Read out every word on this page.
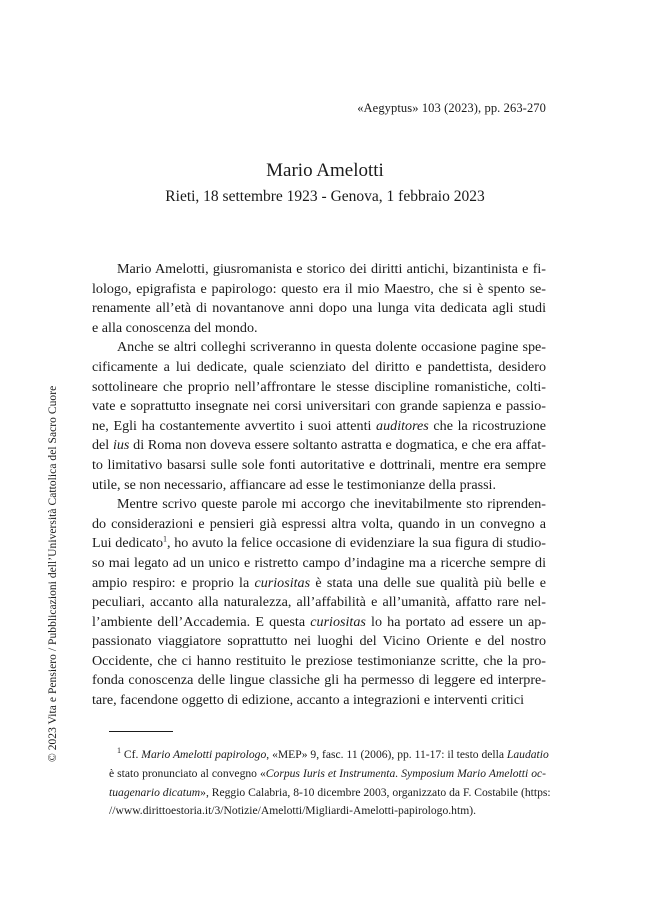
«Aegyptus» 103 (2023), pp. 263-270
Mario Amelotti
Rieti, 18 settembre 1923 - Genova, 1 febbraio 2023
© 2023 Vita e Pensiero / Pubblicazioni dell’Università Cattolica del Sacro Cuore

Mario Amelotti, giusromanista e storico dei diritti antichi, bizantinista e fi-
lologo, epigrafista e papirologo: questo era il mio Maestro, che si è spento se-
renamente all’età di novantanove anni dopo una lunga vita dedicata agli studi
e alla conoscenza del mondo.

Anche se altri colleghi scriveranno in questa dolente occasione pagine spe-
cificamente a lui dedicate, quale scienziato del diritto e pandettista, desidero
sottolineare che proprio nell’affrontare le stesse discipline romanistiche, colti-
vate e soprattutto insegnate nei corsi universitari con grande sapienza e passio-
ne, Egli ha costantemente avvertito i suoi attenti auditores che la ricostruzione
del ius di Roma non doveva essere soltanto astratta e dogmatica, e che era affat-
to limitativo basarsi sulle sole fonti autoritative e dottrinali, mentre era sempre
utile, se non necessario, affiancare ad esse le testimonianze della prassi.

Mentre scrivo queste parole mi accorgo che inevitabilmente sto riprenden-
do considerazioni e pensieri già espressi altra volta, quando in un convegno a
Lui dedicato$^1$, ho avuto la felice occasione di evidenziare la sua figura di studio-
so mai legato ad un unico e ristretto campo d’indagine ma a ricerche sempre di
ampio respiro: e proprio la curiositas è stata una delle sue qualità più belle e
peculiari, accanto alla naturalezza, all’affabilità e all’umanità, affatto rare nel-
l’ambiente dell’Accademia. E questa curiositas lo ha portato ad essere un ap-
passionato viaggiatore soprattutto nei luoghi del Vicino Oriente e del nostro
Occidente, che ci hanno restituito le preziose testimonianze scritte, che la pro-
fonda conoscenza delle lingue classiche gli ha permesso di leggere ed interpre-
tare, facendone oggetto di edizione, accanto a integrazioni e interventi critici

$^1$ Cf. Mario Amelotti papirologo, «MEP» 9, fasc. 11 (2006), pp. 11-17: il testo della Laudatio
è stato pronunciato al convegno «Corpus Iuris et Instrumenta. Symposium Mario Amelotti oc-
tuagenario dicatum», Reggio Calabria, 8-10 dicembre 2003, organizzato da F. Costabile (https:
//www.dirittoestoria.it/3/Notizie/Amelotti/Migliardi-Amelotti-papirologo.htm).
